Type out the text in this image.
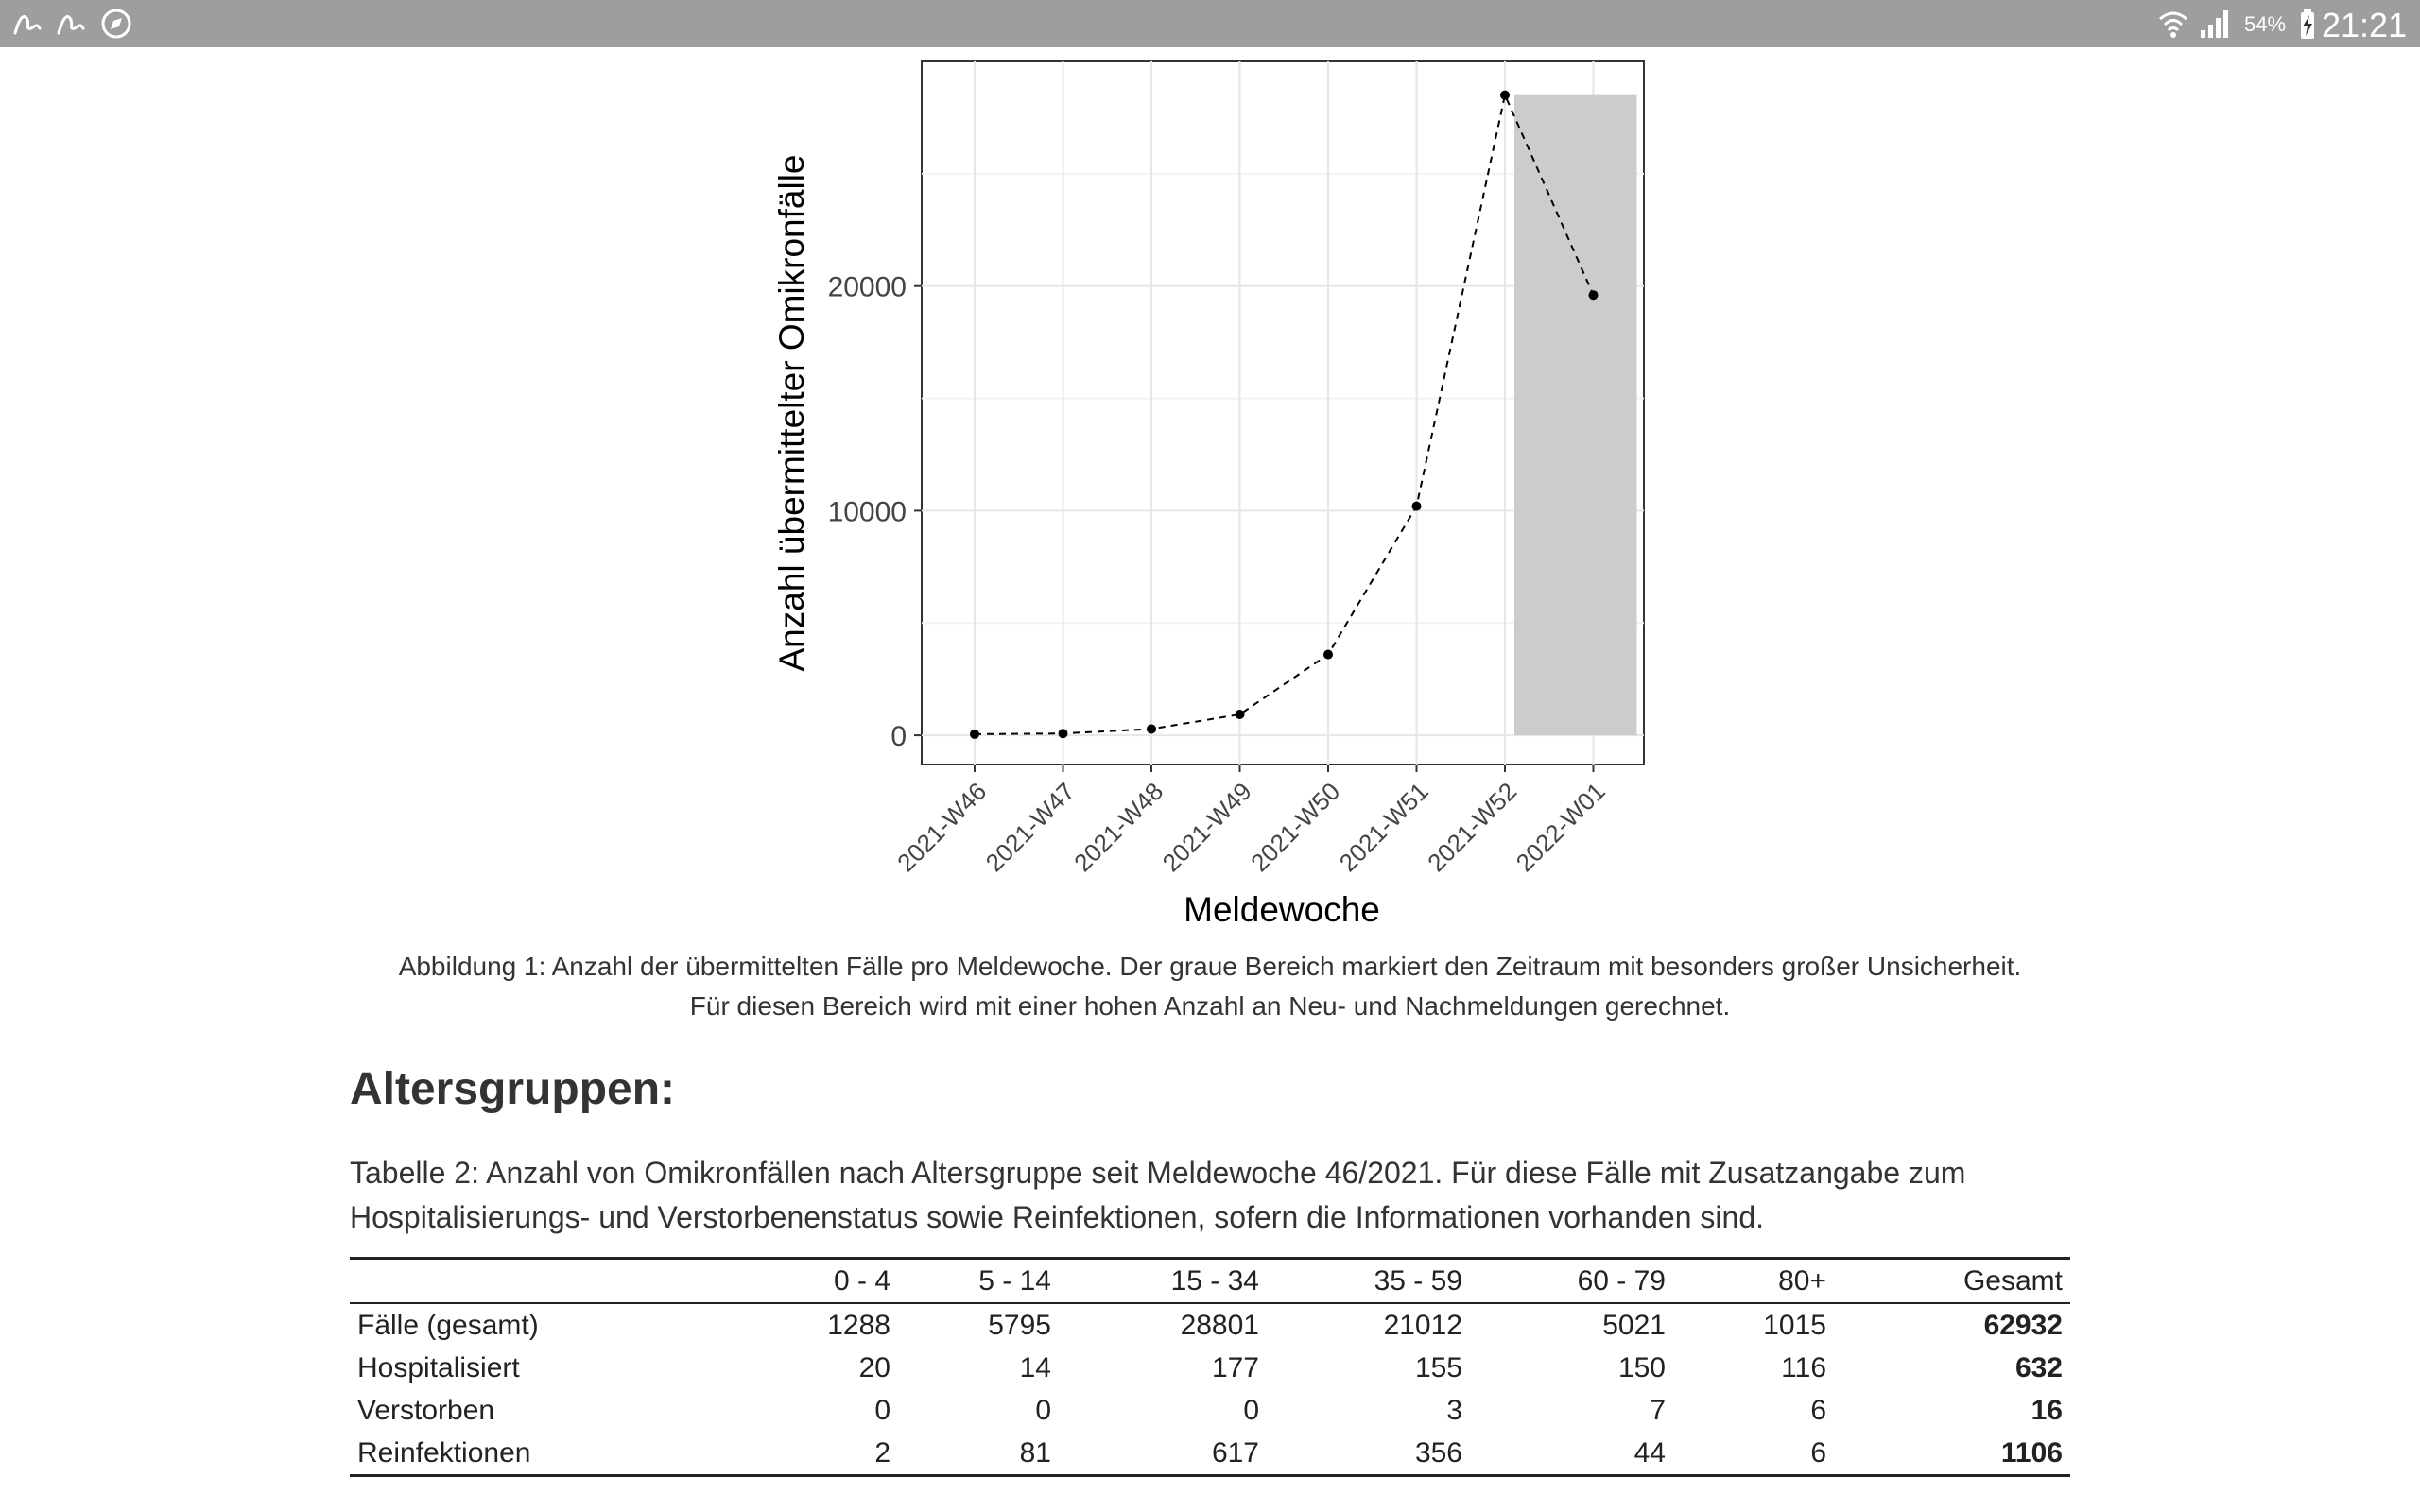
54% 21:21
0
10000
20000
2021-W46
2021-W47
2021-W48
2021-W49
2021-W50
2021-W51
2021-W52
2022-W01
Anzahl übermittelter Omikronfälle
Meldewoche
Abbildung 1: Anzahl der übermittelten Fälle pro Meldewoche. Der graue Bereich markiert den Zeitraum mit besonders großer Unsicherheit.
Für diesen Bereich wird mit einer hohen Anzahl an Neu- und Nachmeldungen gerechnet.
Altersgruppen:

Tabelle 2: Anzahl von Omikronfällen nach Altersgruppe seit Meldewoche 46/2021. Für diese Fälle mit Zusatzangabe zum Hospitalisierungs- und Verstorbenenstatus sowie Reinfektionen, sofern die Informationen vorhanden sind.

	0 - 4	5 - 14	15 - 34	35 - 59	60 - 79	80+	Gesamt
Fälle (gesamt)	1288	5795	28801	21012	5021	1015	62932
Hospitalisiert	20	14	177	155	150	116	632
Verstorben	0	0	0	3	7	6	16
Reinfektionen	2	81	617	356	44	6	1106
